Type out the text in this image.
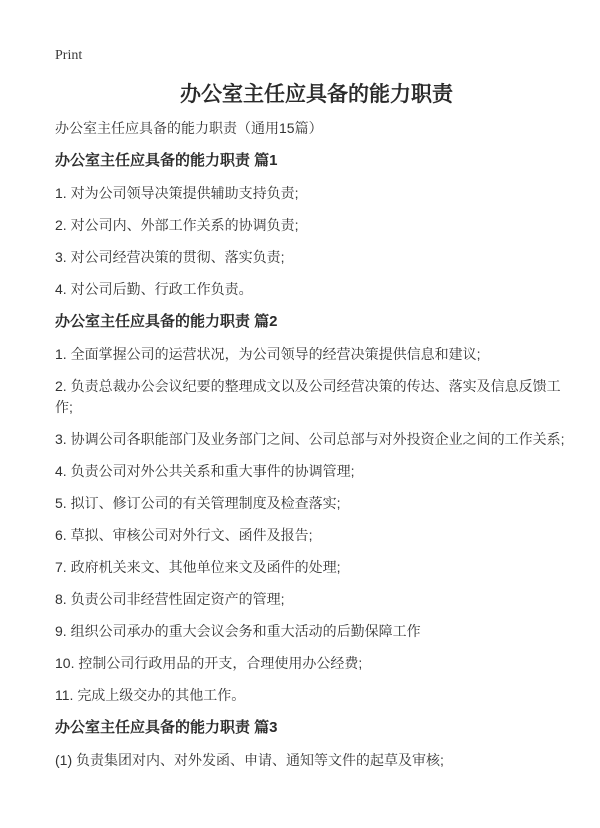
Print
办公室主任应具备的能力职责

办公室主任应具备的能力职责（通用15篇）

办公室主任应具备的能力职责 篇1

1. 对为公司领导决策提供辅助支持负责;

2. 对公司内、外部工作关系的协调负责;

3. 对公司经营决策的贯彻、落实负责;

4. 对公司后勤、行政工作负责。

办公室主任应具备的能力职责 篇2

1. 全面掌握公司的运营状况，为公司领导的经营决策提供信息和建议;

2. 负责总裁办公会议纪要的整理成文以及公司经营决策的传达、落实及信息反馈工作;

3. 协调公司各职能部门及业务部门之间、公司总部与对外投资企业之间的工作关系;

4. 负责公司对外公共关系和重大事件的协调管理;

5. 拟订、修订公司的有关管理制度及检查落实;

6. 草拟、审核公司对外行文、函件及报告;

7. 政府机关来文、其他单位来文及函件的处理;

8. 负责公司非经营性固定资产的管理;

9. 组织公司承办的重大会议会务和重大活动的后勤保障工作

10. 控制公司行政用品的开支，合理使用办公经费;

11. 完成上级交办的其他工作。

办公室主任应具备的能力职责 篇3

(1) 负责集团对内、对外发函、申请、通知等文件的起草及审核;
